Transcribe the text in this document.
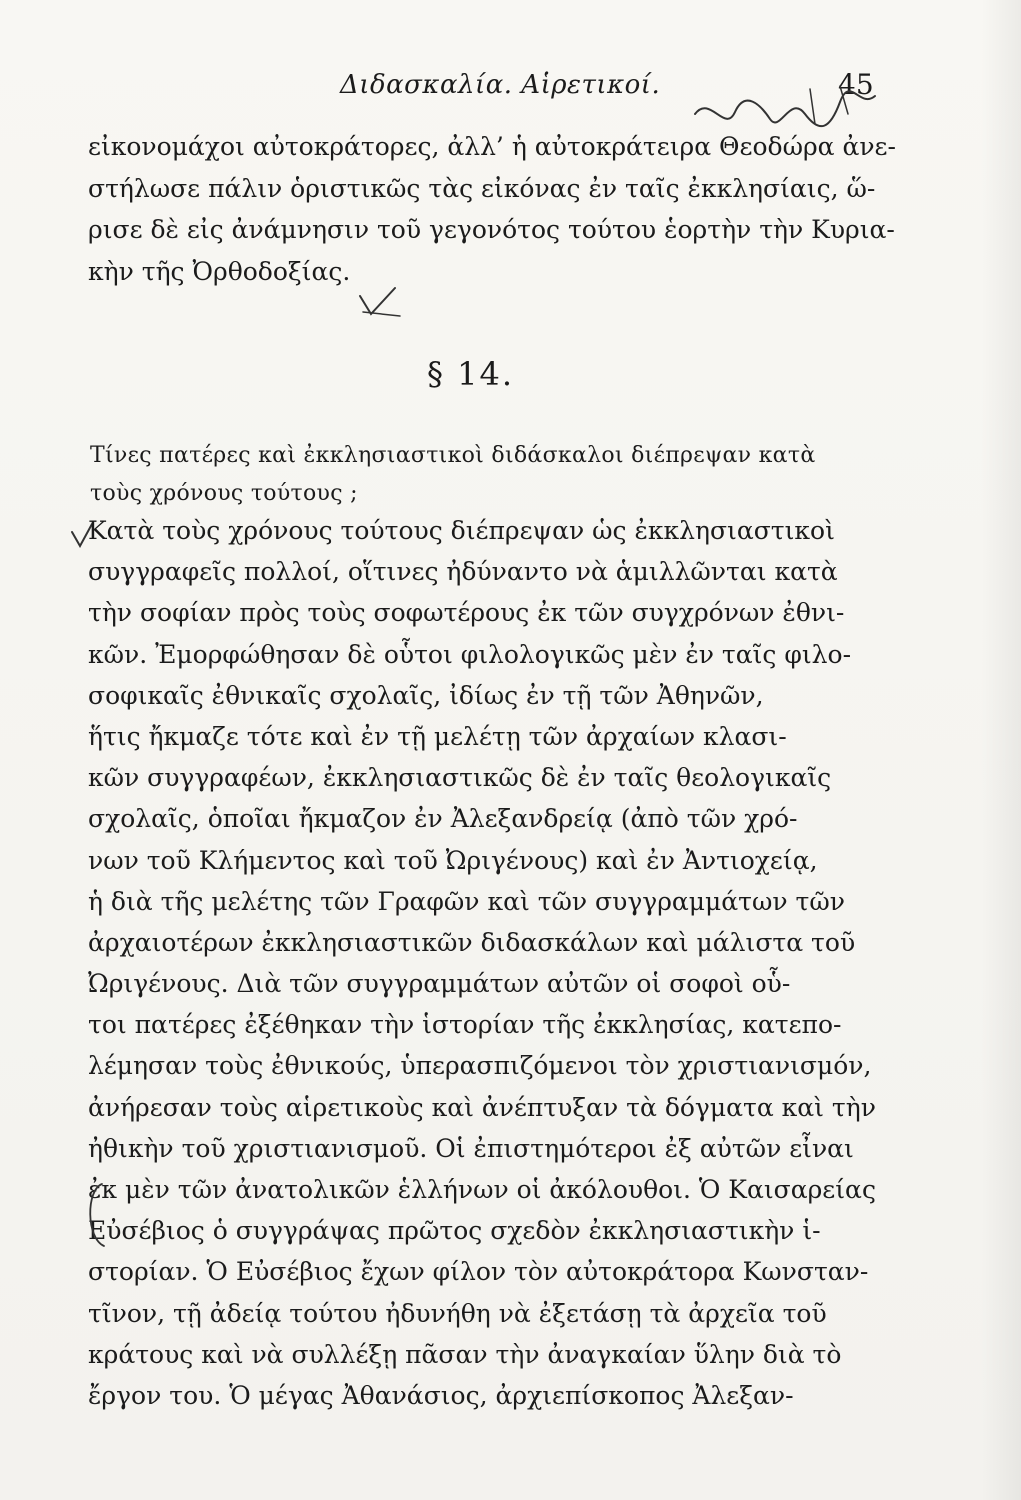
Διδασκαλία. Αἱρετικοί.	45
εἰκονομάχοι αὐτοκράτορες, ἀλλ’ ἡ αὐτοκράτειρα Θεοδώρα ἀνε-
στήλωσε πάλιν ὁριστικῶς τὰς εἰκόνας ἐν ταῖς ἐκκλησίαις, ὥ-
ρισε δὲ εἰς ἀνάμνησιν τοῦ γεγονότος τούτου ἑορτὴν τὴν Κυρια-
κὴν τῆς Ὀρθοδοξίας.
§ 14.
Τίνες πατέρες καὶ ἐκκλησιαστικοὶ διδάσκαλοι διέπρεψαν κατὰ
τοὺς χρόνους τούτους ;
Κατὰ τοὺς χρόνους τούτους διέπρεψαν ὡς ἐκκλησιαστικοὶ
συγγραφεῖς πολλοί, οἵτινες ἠδύναντο νὰ ἁμιλλῶνται κατὰ
τὴν σοφίαν πρὸς τοὺς σοφωτέρους ἐκ τῶν συγχρόνων ἐθνι-
κῶν. Ἐμορφώθησαν δὲ οὗτοι φιλολογικῶς μὲν ἐν ταῖς φιλο-
σοφικαῖς ἐθνικαῖς σχολαῖς, ἰδίως ἐν τῇ τῶν Ἀθηνῶν,
ἥτις ἤκμαζε τότε καὶ ἐν τῇ μελέτῃ τῶν ἀρχαίων κλασι-
κῶν συγγραφέων, ἐκκλησιαστικῶς δὲ ἐν ταῖς θεολογικαῖς
σχολαῖς, ὁποῖαι ἤκμαζον ἐν Ἀλεξανδρείᾳ (ἀπὸ τῶν χρό-
νων τοῦ Κλήμεντος καὶ τοῦ Ὠριγένους) καὶ ἐν Ἀντιοχείᾳ,
ἡ διὰ τῆς μελέτης τῶν Γραφῶν καὶ τῶν συγγραμμάτων τῶν
ἀρχαιοτέρων ἐκκλησιαστικῶν διδασκάλων καὶ μάλιστα τοῦ
Ὠριγένους. Διὰ τῶν συγγραμμάτων αὐτῶν οἱ σοφοὶ οὗ-
τοι πατέρες ἐξέθηκαν τὴν ἱστορίαν τῆς ἐκκλησίας, κατεπο-
λέμησαν τοὺς ἐθνικούς, ὑπερασπιζόμενοι τὸν χριστιανισμόν,
ἀνήρεσαν τοὺς αἱρετικοὺς καὶ ἀνέπτυξαν τὰ δόγματα καὶ τὴν
ἠθικὴν τοῦ χριστιανισμοῦ. Οἱ ἐπιστημότεροι ἐξ αὐτῶν εἶναι
ἐκ μὲν τῶν ἀνατολικῶν ἑλλήνων οἱ ἀκόλουθοι. Ὁ Καισαρείας
Εὐσέβιος ὁ συγγράψας πρῶτος σχεδὸν ἐκκλησιαστικὴν ἱ-
στορίαν. Ὁ Εὐσέβιος ἔχων φίλον τὸν αὐτοκράτορα Κωνσταν-
τῖνον, τῇ ἀδείᾳ τούτου ἠδυνήθη νὰ ἐξετάσῃ τὰ ἀρχεῖα τοῦ
κράτους καὶ νὰ συλλέξῃ πᾶσαν τὴν ἀναγκαίαν ὕλην διὰ τὸ
ἔργον του. Ὁ μέγας Ἀθανάσιος, ἀρχιεπίσκοπος Ἀλεξαν-
